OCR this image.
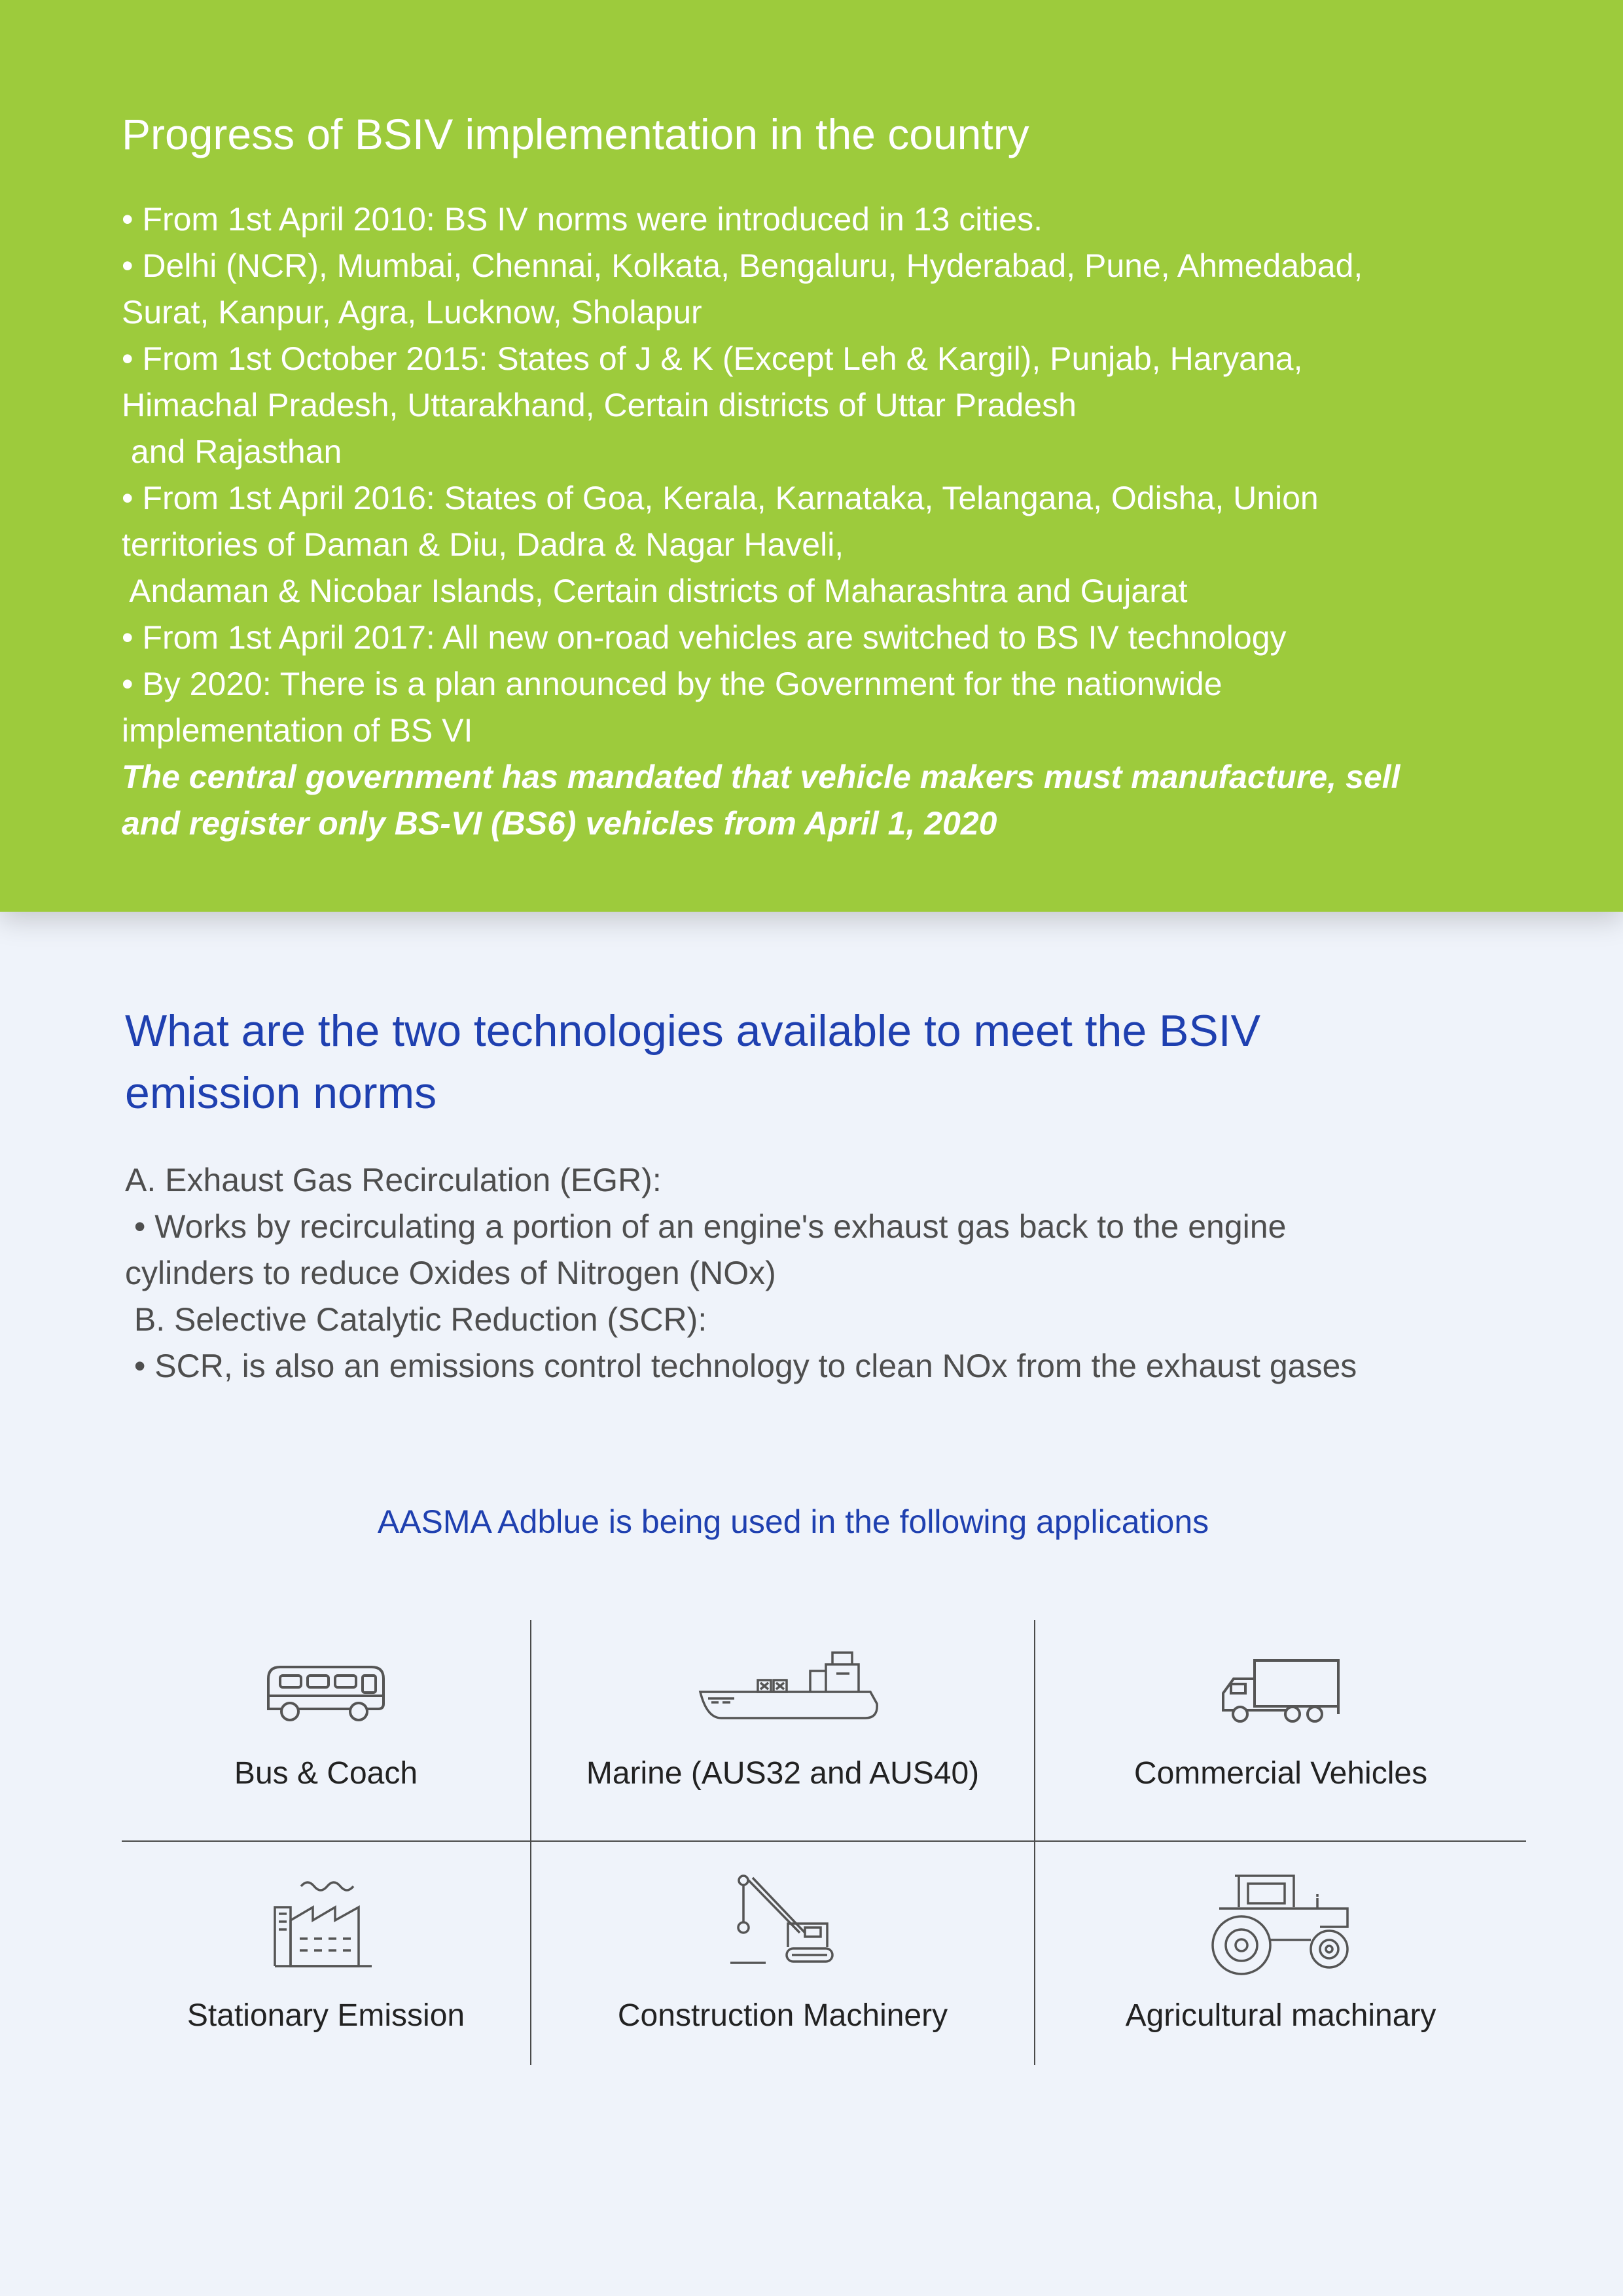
Progress of BSIV implementation in the country
• From 1st April 2010: BS IV norms were introduced in 13 cities.
• Delhi (NCR), Mumbai, Chennai, Kolkata, Bengaluru, Hyderabad, Pune, Ahmedabad,
Surat, Kanpur, Agra, Lucknow, Sholapur
• From 1st October 2015: States of J & K (Except Leh & Kargil), Punjab, Haryana,
Himachal Pradesh, Uttarakhand, Certain districts of Uttar Pradesh
and Rajasthan
• From 1st April 2016: States of Goa, Kerala, Karnataka, Telangana, Odisha, Union
territories of Daman & Diu, Dadra & Nagar Haveli,
Andaman & Nicobar Islands, Certain districts of Maharashtra and Gujarat
• From 1st April 2017: All new on-road vehicles are switched to BS IV technology
• By 2020: There is a plan announced by the Government for the nationwide
implementation of BS VI
The central government has mandated that vehicle makers must manufacture, sell
and register only BS-VI (BS6) vehicles from April 1, 2020
What are the two technologies available to meet the BSIV
emission norms
A. Exhaust Gas Recirculation (EGR):
• Works by recirculating a portion of an engine's exhaust gas back to the engine
cylinders to reduce Oxides of Nitrogen (NOx)
B. Selective Catalytic Reduction (SCR):
• SCR, is also an emissions control technology to clean NOx from the exhaust gases
AASMA Adblue is being used in the following applications
Bus & Coach	Marine (AUS32 and AUS40)	Commercial Vehicles
Stationary Emission	Construction Machinery	Agricultural machinary
